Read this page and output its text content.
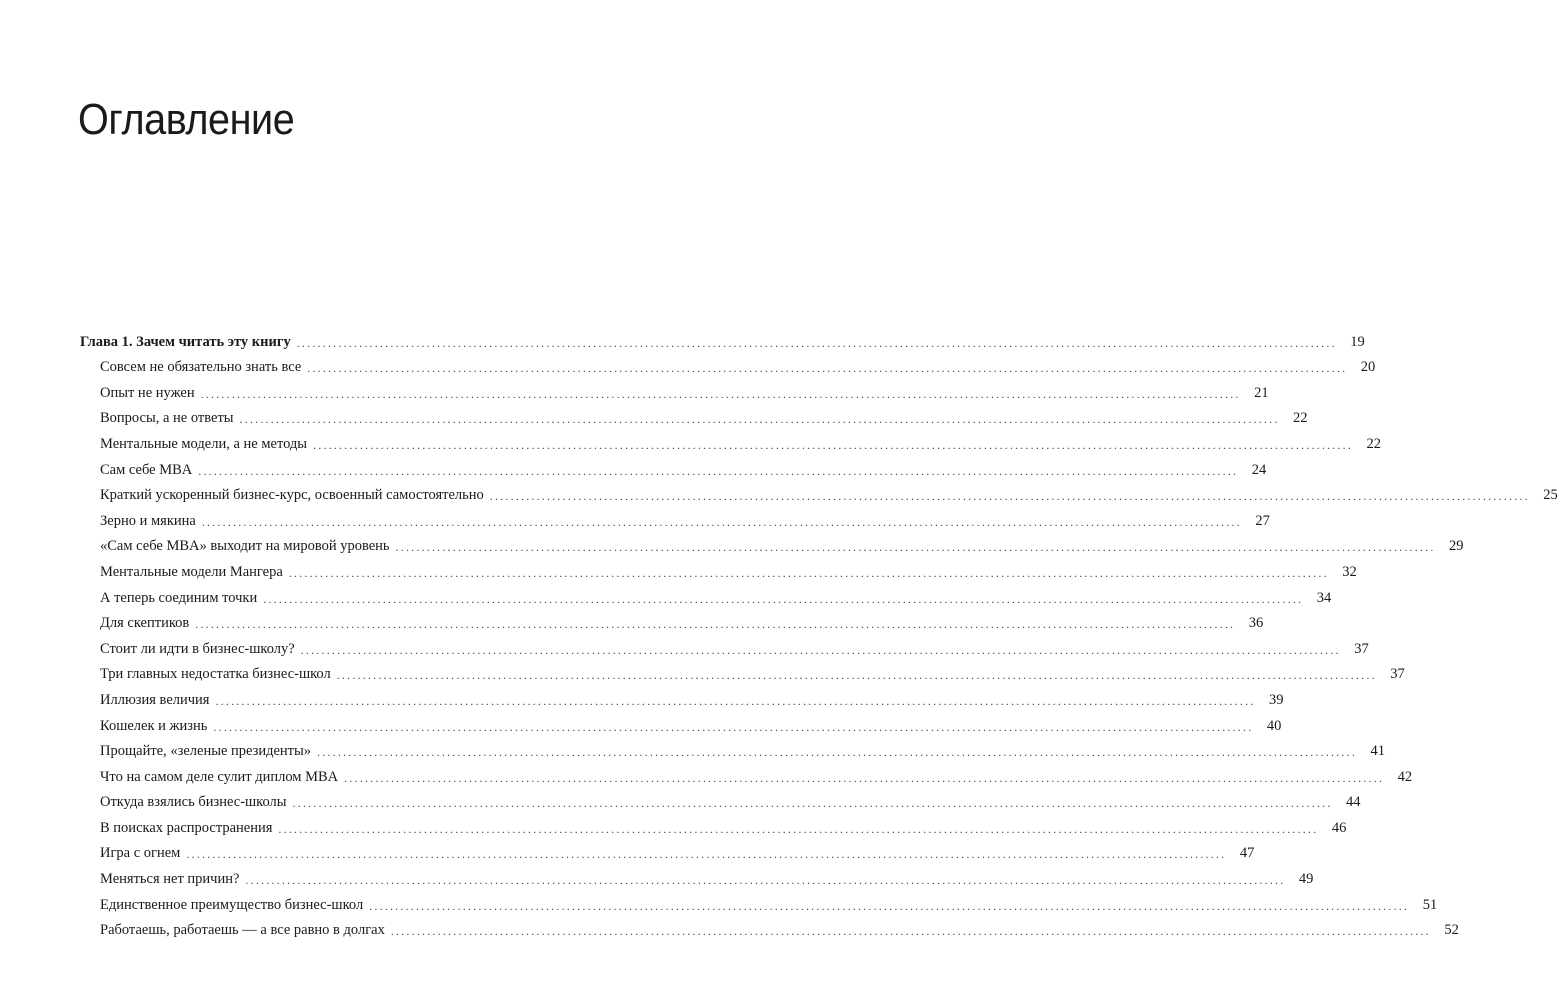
Оглавление
Глава 1. Зачем читать эту книгу ........................................................................................................................................................................................................ 19
Совсем не обязательно знать все ........................................................................................................................................................................................................ 20
Опыт не нужен ........................................................................................................................................................................................................ 21
Вопросы, а не ответы ........................................................................................................................................................................................................ 22
Ментальные модели, а не методы ........................................................................................................................................................................................................ 22
Сам себе MBA ........................................................................................................................................................................................................ 24
Краткий ускоренный бизнес-курс, освоенный самостоятельно ........................................................................................................................................................................................................ 25
Зерно и мякина ........................................................................................................................................................................................................ 27
«Сам себе MBA» выходит на мировой уровень ........................................................................................................................................................................................................ 29
Ментальные модели Мангера ........................................................................................................................................................................................................ 32
А теперь соединим точки ........................................................................................................................................................................................................ 34
Для скептиков ........................................................................................................................................................................................................ 36
Стоит ли идти в бизнес-школу? ........................................................................................................................................................................................................ 37
Три главных недостатка бизнес-школ ........................................................................................................................................................................................................ 37
Иллюзия величия ........................................................................................................................................................................................................ 39
Кошелек и жизнь ........................................................................................................................................................................................................ 40
Прощайте, «зеленые президенты» ........................................................................................................................................................................................................ 41
Что на самом деле сулит диплом MBA ........................................................................................................................................................................................................ 42
Откуда взялись бизнес-школы ........................................................................................................................................................................................................ 44
В поисках распространения ........................................................................................................................................................................................................ 46
Игра с огнем ........................................................................................................................................................................................................ 47
Меняться нет причин? ........................................................................................................................................................................................................ 49
Единственное преимущество бизнес-школ ........................................................................................................................................................................................................ 51
Работаешь, работаешь — а все равно в долгах ........................................................................................................................................................................................................ 52
